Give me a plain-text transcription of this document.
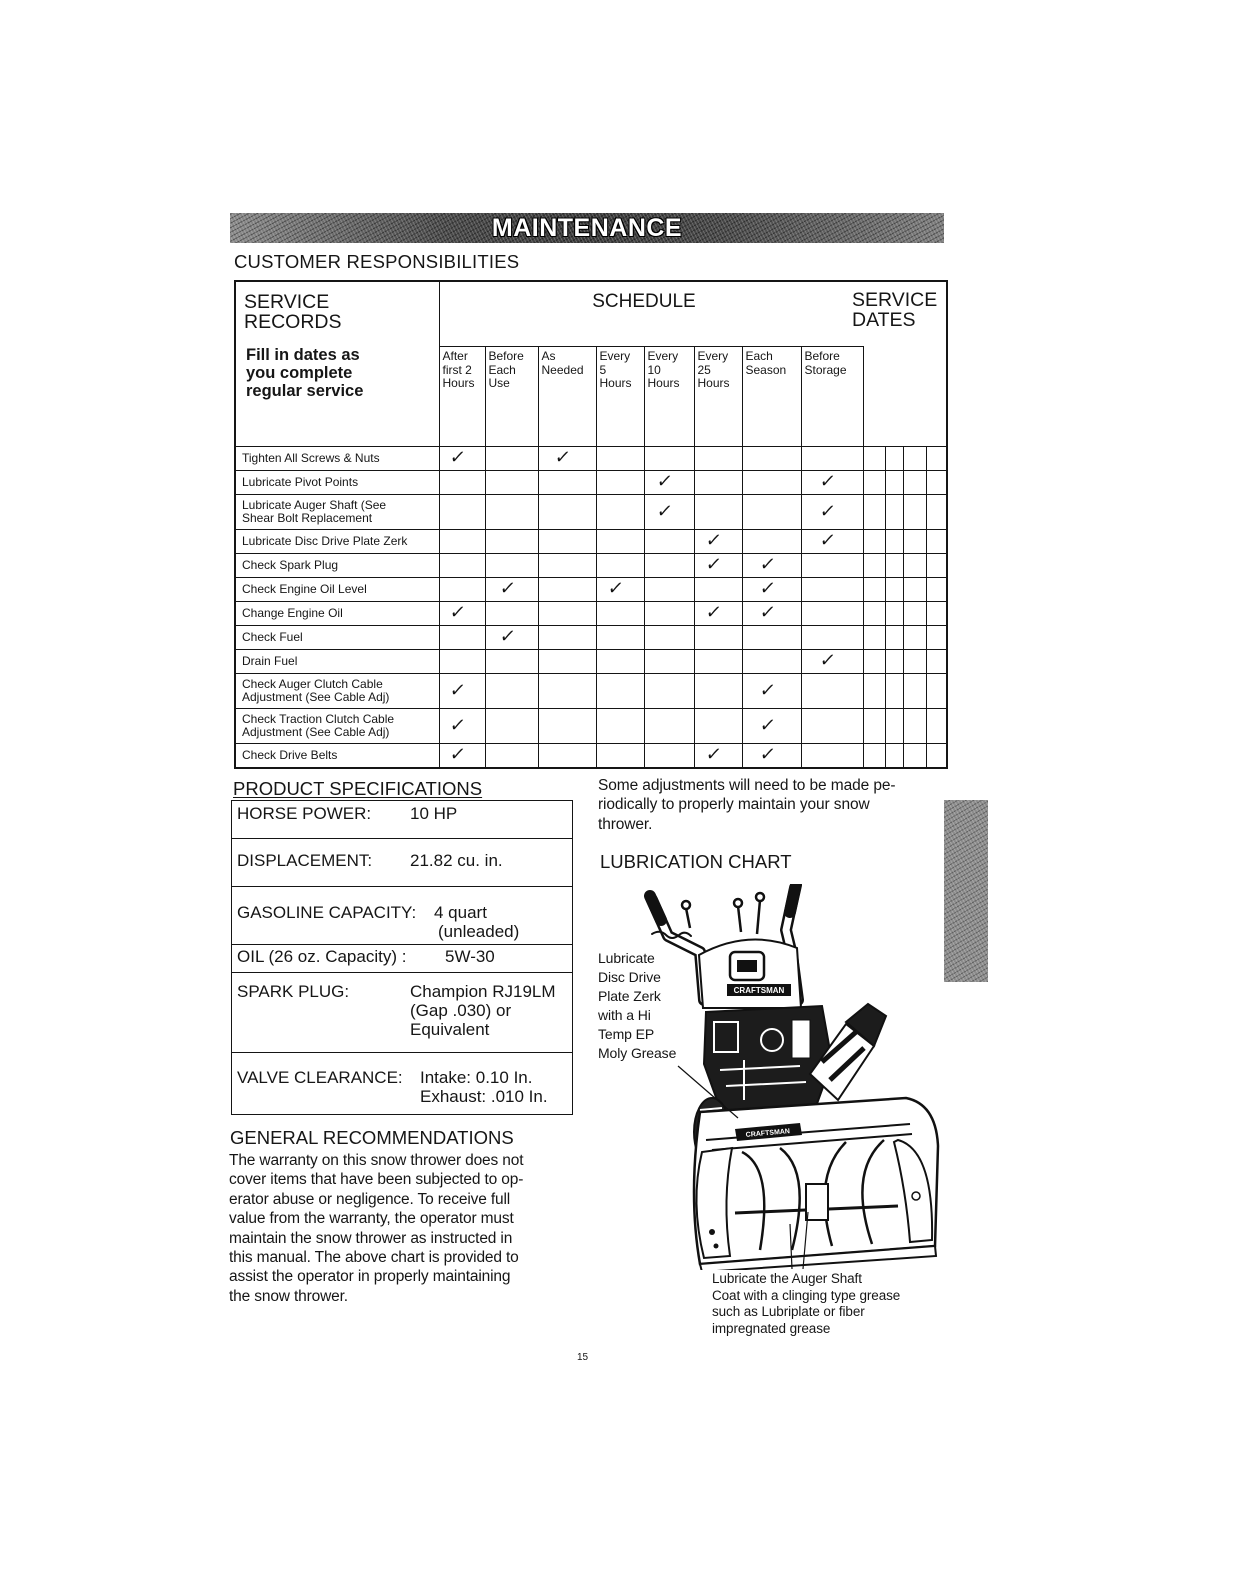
MAINTENANCE
CUSTOMER RESPONSIBILITIES
SERVICE
RECORDS
Fill in dates as
you complete
regular service												

	After
first 2
Hours	Before
Each
Use	As
Needed	Every
5
Hours	Every
10
Hours	Every
25
Hours	Each
Season	Before
Storage				

Tighten All Screws & Nuts	✓		✓									

Lubricate Pivot Points					✓			✓				

Lubricate Auger Shaft (See
Shear Bolt Replacement					✓			✓				

Lubricate Disc Drive Plate Zerk						✓		✓				

Check Spark Plug						✓	✓					

Check Engine Oil Level		✓		✓			✓					

Change Engine Oil	✓					✓	✓					

Check Fuel		✓										

Drain Fuel								✓				

Check Auger Clutch Cable
Adjustment (See Cable Adj)	✓						✓					

Check Traction Clutch Cable
Adjustment (See Cable Adj)	✓						✓					

Check Drive Belts	✓					✓	✓					
SCHEDULE	SERVICE
DATES
PRODUCT SPECIFICATIONS
HORSE POWER:	10 HP
DISPLACEMENT:	21.82 cu. in.
GASOLINE CAPACITY:	4 quart
(unleaded)
OIL (26 oz. Capacity) :	5W-30
SPARK PLUG:	Champion RJ19LM
(Gap .030) or
Equivalent
VALVE CLEARANCE:	Intake: 0.10 In.
Exhaust: .010 In.
GENERAL RECOMMENDATIONS
The warranty on this snow thrower does not
cover items that have been subjected to op-
erator abuse or negligence. To receive full
value from the warranty, the operator must
maintain the snow thrower as instructed in
this manual. The above chart is provided to
assist the operator in properly maintaining
the snow thrower.
Some adjustments will need to be made pe-
riodically to properly maintain your snow
thrower.
LUBRICATION CHART
CRAFTSMAN
CRAFTSMAN
Lubricate
Disc Drive
Plate Zerk
with a Hi
Temp EP
Moly Grease
Lubricate the Auger Shaft
Coat with a clinging type grease
such as Lubriplate or fiber
impregnated grease
15
